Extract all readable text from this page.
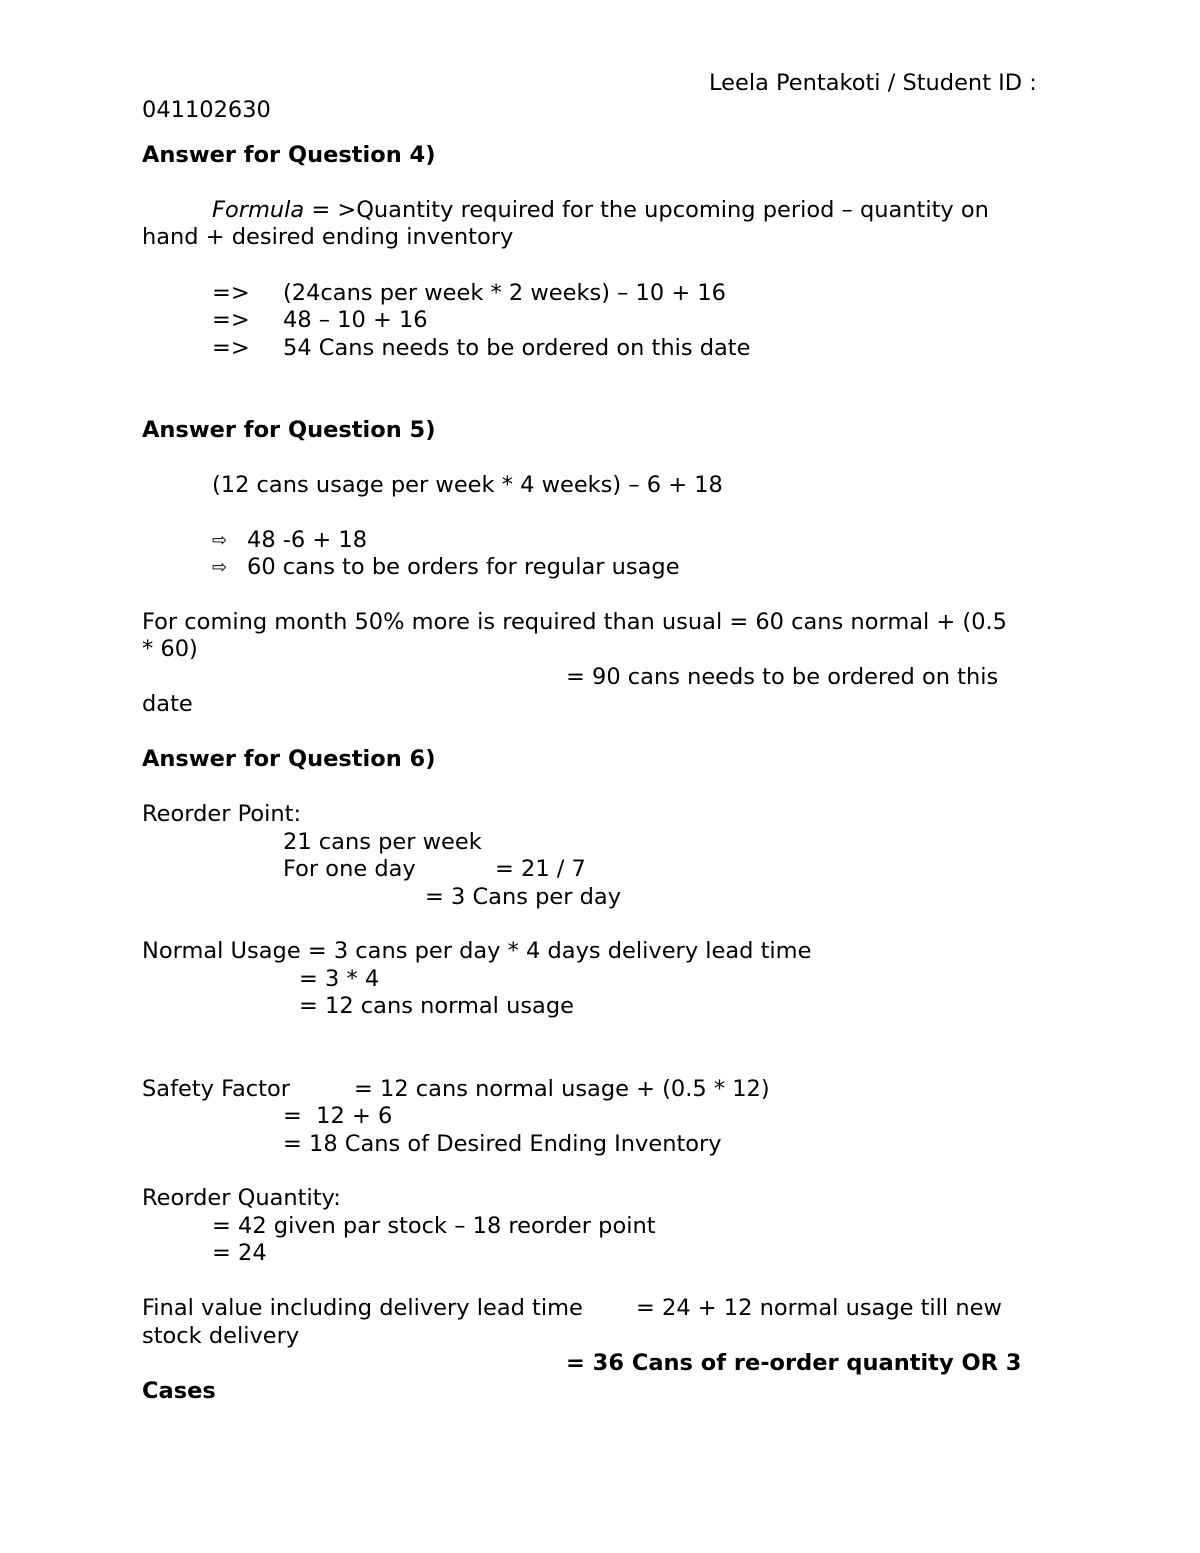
Leela Pentakoti / Student ID :
041102630
Answer for Question 4)
Formula = >Quantity required for the upcoming period – quantity on
hand + desired ending inventory
=> (24cans per week * 2 weeks) – 10 + 16
=> 48 – 10 + 16
=> 54 Cans needs to be ordered on this date
Answer for Question 5)
(12 cans usage per week * 4 weeks) – 6 + 18
⇨ 48 -6 + 18
⇨ 60 cans to be orders for regular usage
For coming month 50% more is required than usual = 60 cans normal + (0.5
* 60)
= 90 cans needs to be ordered on this
date
Answer for Question 6)
Reorder Point:
21 cans per week
For one day	= 21 / 7
= 3 Cans per day
Normal Usage = 3 cans per day * 4 days delivery lead time
= 3 * 4
= 12 cans normal usage
Safety Factor	= 12 cans normal usage + (0.5 * 12)
=  12 + 6
= 18 Cans of Desired Ending Inventory
Reorder Quantity:
= 42 given par stock – 18 reorder point
= 24
Final value including delivery lead time = 24 + 12 normal usage till new
stock delivery
= 36 Cans of re-order quantity OR 3
Cases
